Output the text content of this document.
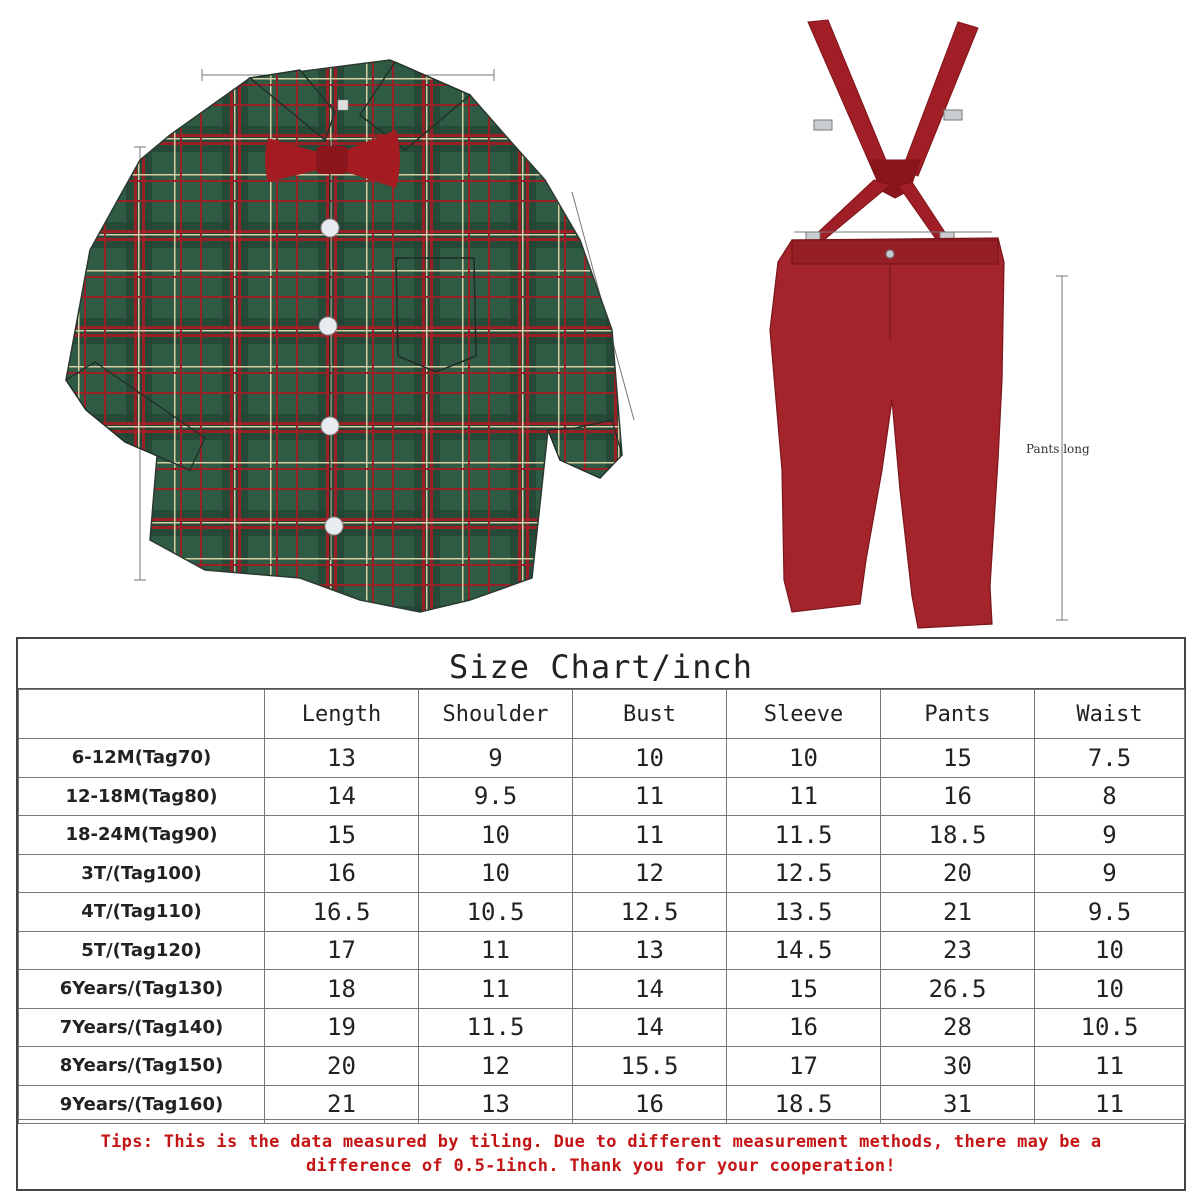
Pants long
Size Chart/inch
	Length	Shoulder	Bust	Sleeve	Pants	Waist
6-12M(Tag70)	13	9	10	10	15	7.5
12-18M(Tag80)	14	9.5	11	11	16	8
18-24M(Tag90)	15	10	11	11.5	18.5	9
3T/(Tag100)	16	10	12	12.5	20	9
4T/(Tag110)	16.5	10.5	12.5	13.5	21	9.5
5T/(Tag120)	17	11	13	14.5	23	10
6Years/(Tag130)	18	11	14	15	26.5	10
7Years/(Tag140)	19	11.5	14	16	28	10.5
8Years/(Tag150)	20	12	15.5	17	30	11
9Years/(Tag160)	21	13	16	18.5	31	11
Tips: This is the data measured by tiling. Due to different measurement methods, there may be a
difference of 0.5-1inch. Thank you for your cooperation!
